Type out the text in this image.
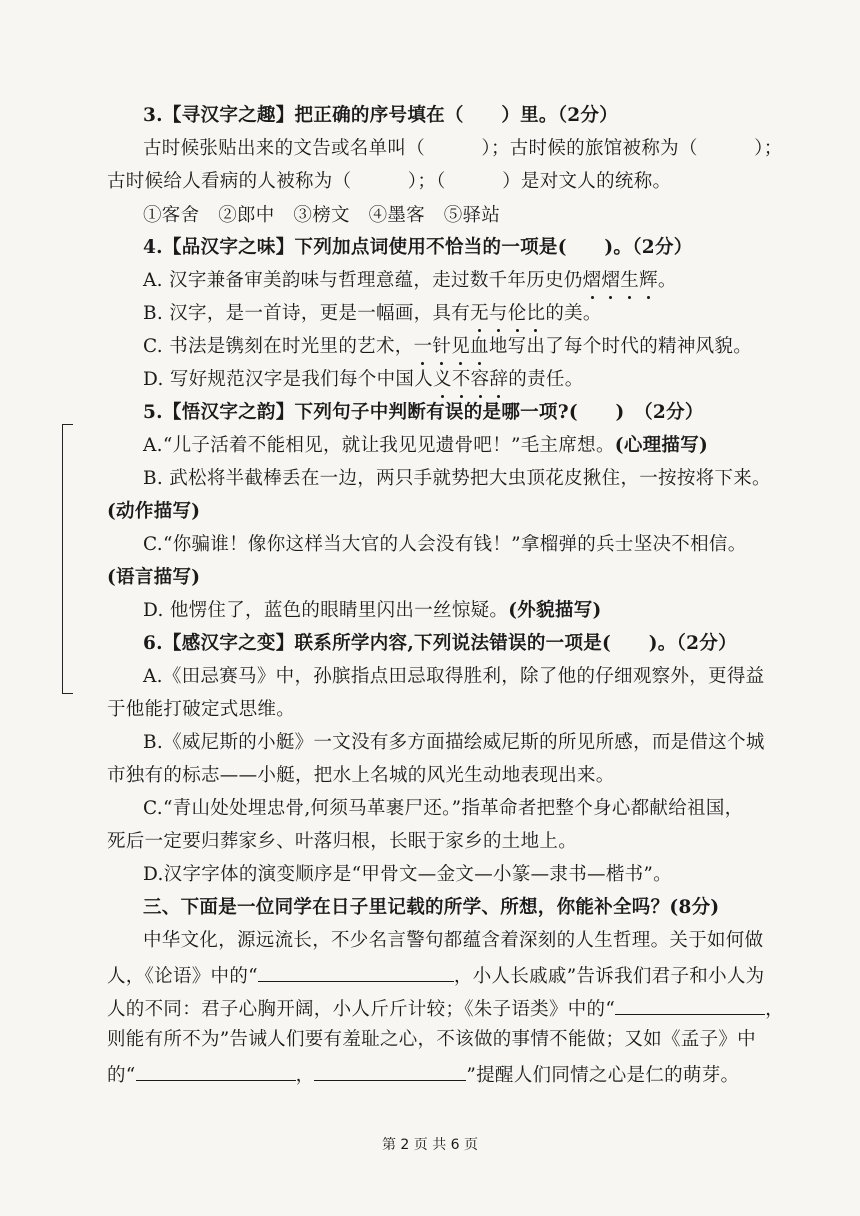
3.【寻汉字之趣】把正确的序号填在（　　）里。（2分）
古时候张贴出来的文告或名单叫（　　　）；古时候的旅馆被称为（　　　）；
古时候给人看病的人被称为（　　　）；（　　　）是对文人的统称。
①客舍　②郎中　③榜文　④墨客　⑤驿站
4.【品汉字之味】下列加点词使用不恰当的一项是(　　)。（2分）
A. 汉字兼备审美韵味与哲理意蕴，走过数千年历史仍熠熠生辉。
B. 汉字，是一首诗，更是一幅画，具有无与伦比的美。
C. 书法是镌刻在时光里的艺术，一针见血地写出了每个时代的精神风貌。
D. 写好规范汉字是我们每个中国人义不容辞的责任。
5.【悟汉字之韵】下列句子中判断有误的是哪一项?(　　)　（2分）
A.“儿子活着不能相见，就让我见见遗骨吧！”毛主席想。(心理描写)
B. 武松将半截棒丢在一边，两只手就势把大虫顶花皮揪住，一按按将下来。
(动作描写)
C.“你骗谁！像你这样当大官的人会没有钱！”拿榴弹的兵士坚决不相信。
(语言描写)
D. 他愣住了，蓝色的眼睛里闪出一丝惊疑。(外貌描写)
6.【感汉字之变】联系所学内容,下列说法错误的一项是(　　)。（2分）
A.《田忌赛马》中，孙膑指点田忌取得胜利，除了他的仔细观察外，更得益
于他能打破定式思维。
B.《威尼斯的小艇》一文没有多方面描绘威尼斯的所见所感，而是借这个城
市独有的标志——小艇，把水上名城的风光生动地表现出来。
C.“青山处处埋忠骨,何须马革裹尸还。”指革命者把整个身心都献给祖国，
死后一定要归葬家乡、叶落归根，长眠于家乡的土地上。
D.汉字字体的演变顺序是“甲骨文—金文—小篆—隶书—楷书”。
三、下面是一位同学在日子里记载的所学、所想，你能补全吗？(8分)
中华文化，源远流长，不少名言警句都蕴含着深刻的人生哲理。关于如何做
人，《论语》中的“	，小人长戚戚”告诉我们君子和小人为
人的不同：君子心胸开阔，小人斤斤计较；《朱子语类》中的“	，
则能有所不为”告诫人们要有羞耻之心，不该做的事情不能做；又如《孟子》中
的“	，	”提醒人们同情之心是仁的萌芽。
第 2 页 共 6 页
